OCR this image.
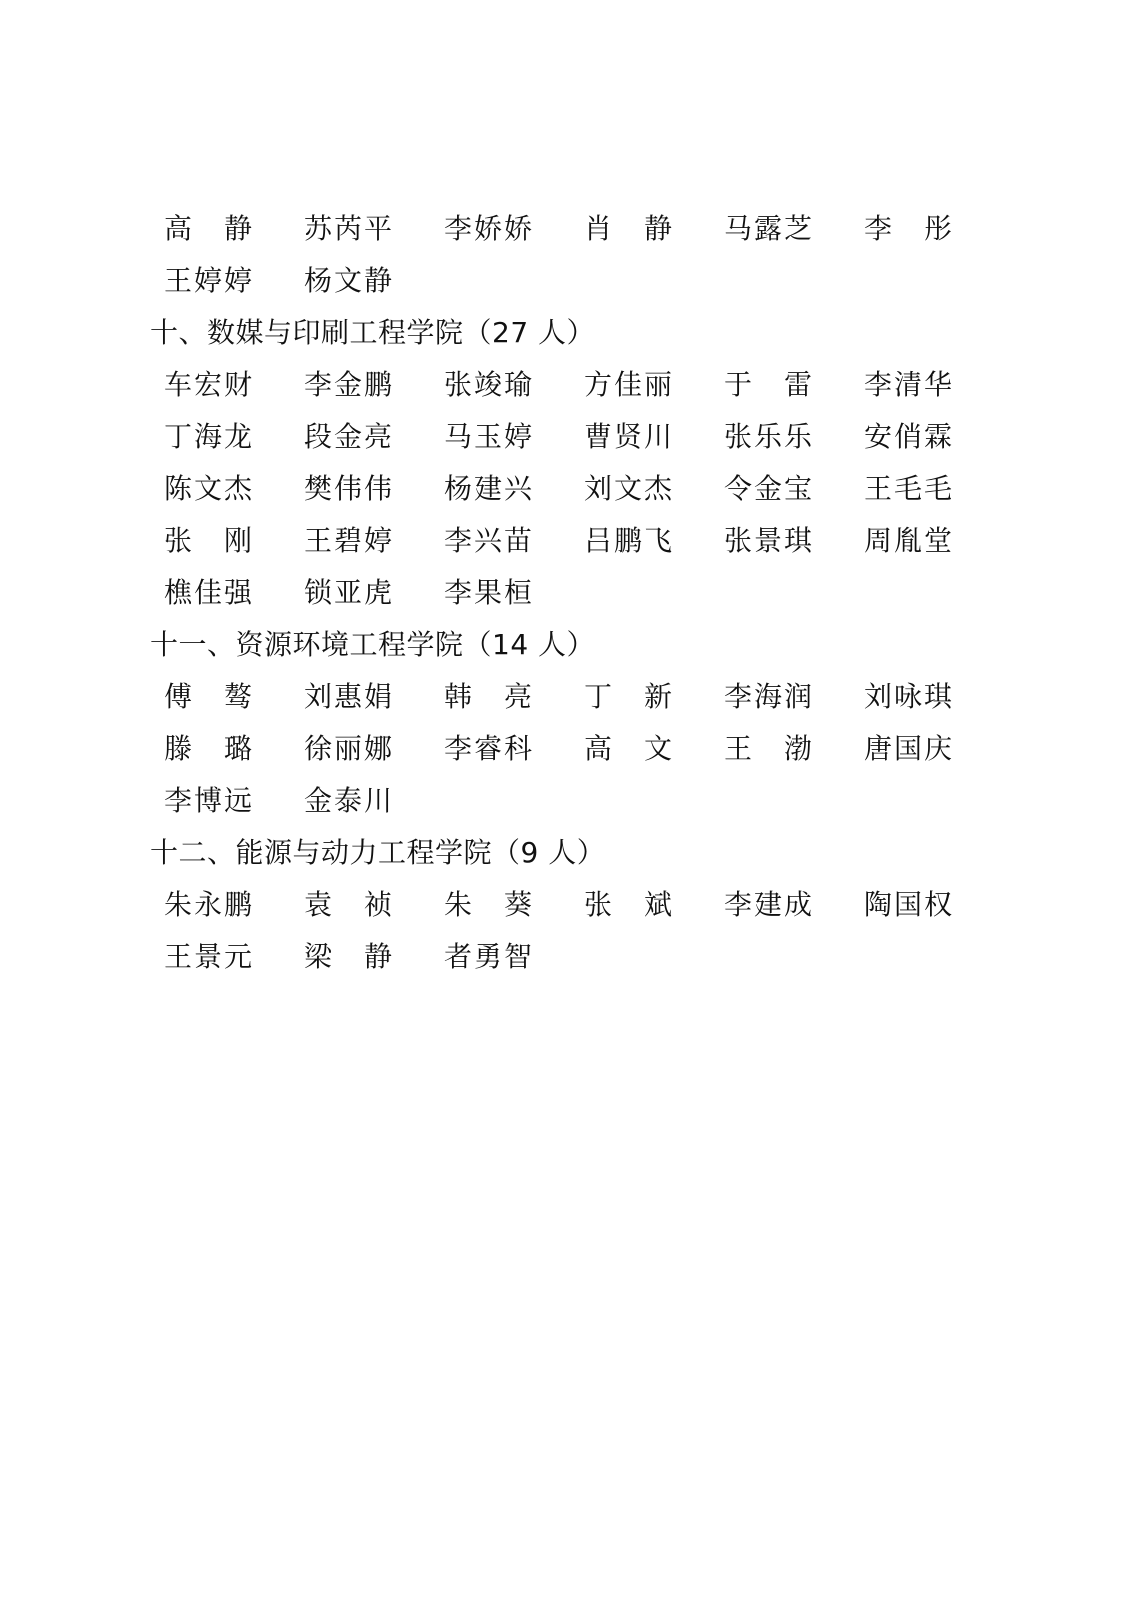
高　静	苏芮平	李娇娇	肖　静	马露芝	李　彤
王婷婷	杨文静
十、数媒与印刷工程学院（27 人）
车宏财	李金鹏	张竣瑜	方佳丽	于　雷	李清华
丁海龙	段金亮	马玉婷	曹贤川	张乐乐	安俏霖
陈文杰	樊伟伟	杨建兴	刘文杰	令金宝	王毛毛
张　刚	王碧婷	李兴苗	吕鹏飞	张景琪	周胤堂
樵佳强	锁亚虎	李果桓
十一、资源环境工程学院（14 人）
傅　骜	刘惠娟	韩　亮	丁　新	李海润	刘咏琪
滕　璐	徐丽娜	李睿科	高　文	王　渤	唐国庆
李博远	金泰川
十二、能源与动力工程学院（9 人）
朱永鹏	袁　祯	朱　葵	张　斌	李建成	陶国权
王景元	梁　静	者勇智
